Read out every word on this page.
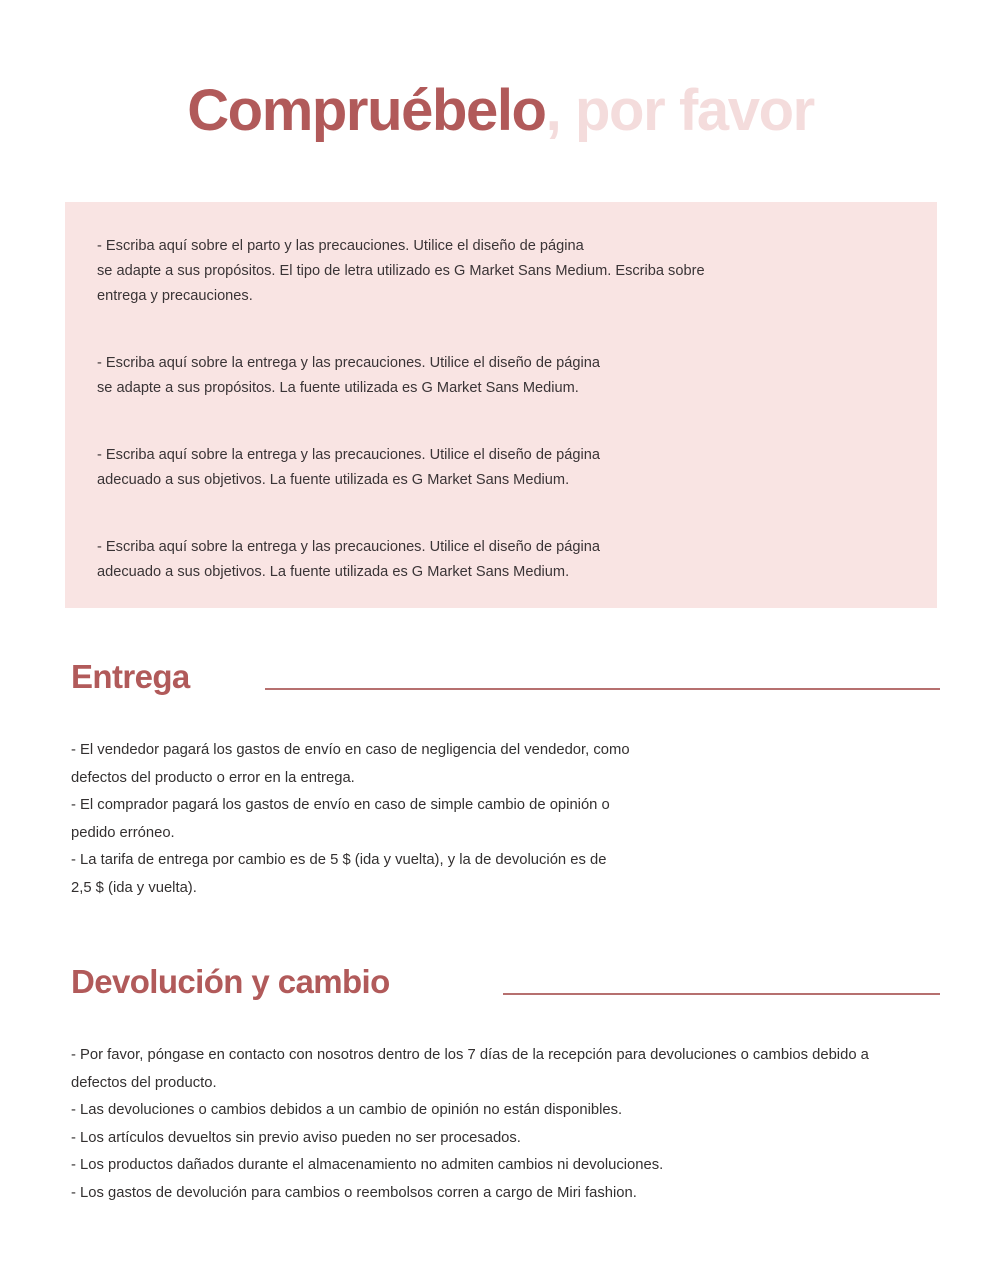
Compruébelo, por favor
- Escriba aquí sobre el parto y las precauciones. Utilice el diseño de página
se adapte a sus propósitos. El tipo de letra utilizado es G Market Sans Medium. Escriba sobre
entrega y precauciones.
- Escriba aquí sobre la entrega y las precauciones. Utilice el diseño de página
se adapte a sus propósitos. La fuente utilizada es G Market Sans Medium.
- Escriba aquí sobre la entrega y las precauciones. Utilice el diseño de página
adecuado a sus objetivos. La fuente utilizada es G Market Sans Medium.
- Escriba aquí sobre la entrega y las precauciones. Utilice el diseño de página
adecuado a sus objetivos. La fuente utilizada es G Market Sans Medium.
Entrega
- El vendedor pagará los gastos de envío en caso de negligencia del vendedor, como
defectos del producto o error en la entrega.
- El comprador pagará los gastos de envío en caso de simple cambio de opinión o
pedido erróneo.
- La tarifa de entrega por cambio es de 5 $ (ida y vuelta), y la de devolución es de
2,5 $ (ida y vuelta).
Devolución y cambio
- Por favor, póngase en contacto con nosotros dentro de los 7 días de la recepción para devoluciones o cambios debido a
defectos del producto.
- Las devoluciones o cambios debidos a un cambio de opinión no están disponibles.
- Los artículos devueltos sin previo aviso pueden no ser procesados.
- Los productos dañados durante el almacenamiento no admiten cambios ni devoluciones.
- Los gastos de devolución para cambios o reembolsos corren a cargo de Miri fashion.
